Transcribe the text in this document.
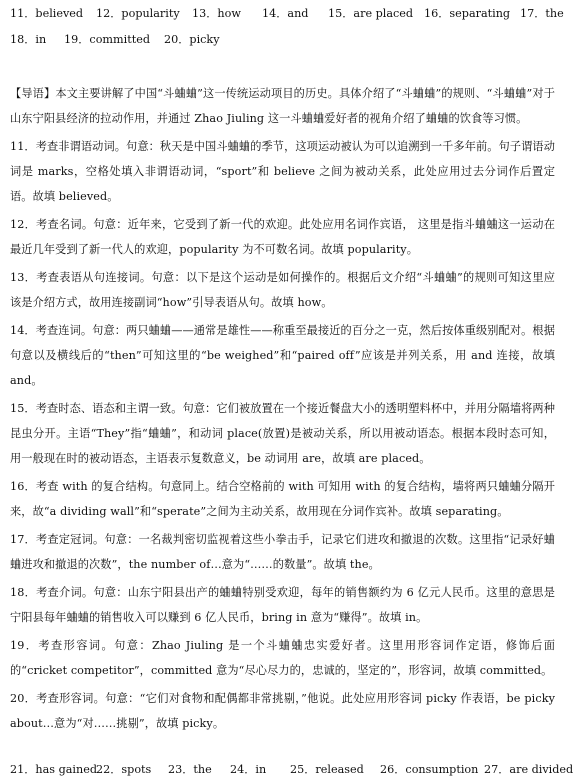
11．believed	12．popularity	13．how	14．and	15．are placed 16．separating 17．the
18．in	19．committed	20．picky

【导语】本文主要讲解了中国“斗蛐蛐”这一传统运动项目的历史。具体介绍了“斗蛐蛐”的规则、“斗蛐蛐”对于山东宁阳县经济的拉动作用，并通过 Zhao Jiuling 这一斗蛐蛐爱好者的视角介绍了蛐蛐的饮食等习惯。

11．考查非谓语动词。句意：秋天是中国斗蛐蛐的季节，这项运动被认为可以追溯到一千多年前。句子谓语动词是 marks，空格处填入非谓语动词，“sport”和 believe 之间为被动关系，此处应用过去分词作后置定语。故填 believed。

12．考查名词。句意：近年来，它受到了新一代的欢迎。此处应用名词作宾语， 这里是指斗蛐蛐这一运动在最近几年受到了新一代人的欢迎，popularity 为不可数名词。故填 popularity。

13．考查表语从句连接词。句意：以下是这个运动是如何操作的。根据后文介绍“斗蛐蛐”的规则可知这里应该是介绍方式，故用连接副词“how”引导表语从句。故填 how。

14．考查连词。句意：两只蛐蛐——通常是雄性——称重至最接近的百分之一克，然后按体重级别配对。根据句意以及横线后的“then”可知这里的“be weighed”和“paired off”应该是并列关系，用 and 连接，故填 and。

15．考查时态、语态和主谓一致。句意：它们被放置在一个接近餐盘大小的透明塑料杯中，并用分隔墙将两种昆虫分开。主语“They”指“蛐蛐”，和动词 place(放置)是被动关系，所以用被动语态。根据本段时态可知，用一般现在时的被动语态，主语表示复数意义，be 动词用 are，故填 are placed。

16．考查 with 的复合结构。句意同上。结合空格前的 with 可知用 with 的复合结构，墙将两只蛐蛐分隔开来，故“a dividing wall”和“sperate”之间为主动关系，故用现在分词作宾补。故填 separating。

17．考查定冠词。句意：一名裁判密切监视着这些小拳击手，记录它们进攻和撤退的次数。这里指“记录好蛐蛐进攻和撤退的次数”，the number of…意为“……的数量”。故填 the。

18．考查介词。句意：山东宁阳县出产的蛐蛐特别受欢迎，每年的销售额约为 6 亿元人民币。这里的意思是宁阳县每年蛐蛐的销售收入可以赚到 6 亿人民币，bring in 意为“赚得”。故填 in。

19．考查形容词。句意：Zhao Jiuling 是一个斗蛐蛐忠实爱好者。这里用形容词作定语，修饰后面的“cricket competitor”，committed 意为“尽心尽力的，忠诚的，坚定的”，形容词，故填 committed。

20．考查形容词。句意：“它们对食物和配偶都非常挑剔，”他说。此处应用形容词 picky 作表语，be picky about…意为“对……挑剔”，故填 picky。

21．has gained 22．spots	23．the	24．in	25．released	26．consumption 27．are divided
